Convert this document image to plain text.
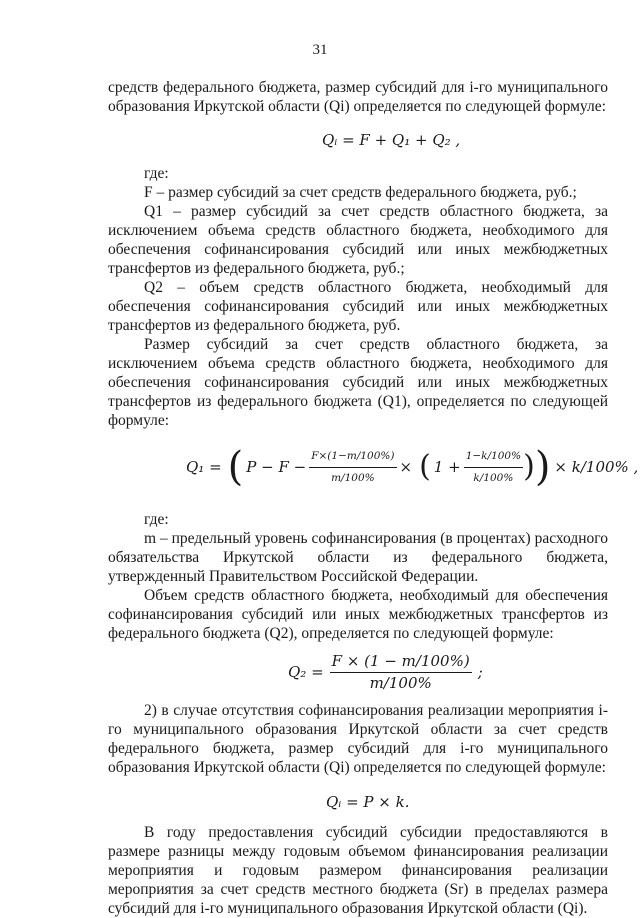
31

средств федерального бюджета, размер субсидий для i-го муниципального образования Иркутской области (Qi) определяется по следующей формуле:

Qᵢ = F + Q₁ + Q₂ ,

где:

F – размер субсидий за счет средств федерального бюджета, руб.;

Q1 – размер субсидий за счет средств областного бюджета, за исключением объема средств областного бюджета, необходимого для обеспечения софинансирования субсидий или иных межбюджетных трансфертов из федерального бюджета, руб.;

Q2 – объем средств областного бюджета, необходимый для обеспечения софинансирования субсидий или иных межбюджетных трансфертов из федерального бюджета, руб.

Размер субсидий за счет средств областного бюджета, за исключением объема средств областного бюджета, необходимого для обеспечения софинансирования субсидий или иных межбюджетных трансфертов из федерального бюджета (Q1), определяется по следующей формуле:

Q₁ = ( $P - F - \frac{F\times(1-m/100\%)}{m/100\%}$ × ( $1 + \frac{1-k/100\%}{k/100\%}$ ) ) × k/100% ,

где:

m – предельный уровень софинансирования (в процентах) расходного обязательства Иркутской области из федерального бюджета, утвержденный Правительством Российской Федерации.

Объем средств областного бюджета, необходимый для обеспечения софинансирования субсидий или иных межбюджетных трансфертов из федерального бюджета (Q2), определяется по следующей формуле:

$Q_2 = \frac{F \times (1 - m/100\%)}{m/100\%}$ ;

2) в случае отсутствия софинансирования реализации мероприятия i-го муниципального образования Иркутской области за счет средств федерального бюджета, размер субсидий для i-го муниципального образования Иркутской области (Qi) определяется по следующей формуле:

Qᵢ = P × k.

В году предоставления субсидий субсидии предоставляются в размере разницы между годовым объемом финансирования реализации мероприятия и годовым размером финансирования реализации мероприятия за счет средств местного бюджета (Sr) в пределах размера субсидий для i-го муниципального образования Иркутской области (Qi).
